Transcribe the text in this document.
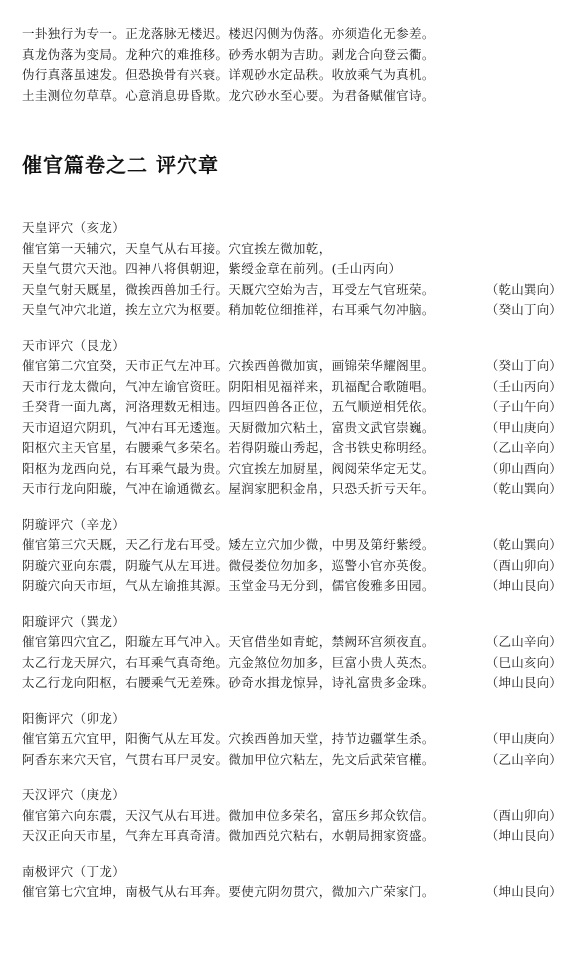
一卦独行为专一。正龙落脉无楼迟。楼迟闪侧为伪落。亦须造化无参差。
真龙伪落为变局。龙种穴的难推移。砂秀水朝为吉助。剥龙合向登云衢。
伪行真落虽速发。但恐换骨有兴衰。详观砂水定品秩。收放乘气为真机。
土圭测位勿草草。心意消息毋昏欺。龙穴砂水至心要。为君备赋催官诗。
催官篇卷之二 评穴章
天皇评穴（亥龙）
催官第一天辅穴，天皇气从右耳接。穴宜挨左微加乾，
天皇气贯穴天池。四神八将俱朝迎，紫绶金章在前列。(壬山丙向）
天皇气射天厩星，微挨西兽加壬行。天厩穴空始为吉，耳受左气官班荣。	（乾山巽向）
天皇气冲穴北道，挨左立穴为枢要。稍加乾位细推祥，右耳乘气勿冲脑。	（癸山丁向）
天市评穴（艮龙）
催官第二穴宜癸，天市正气左冲耳。穴挨西兽微加寅，画锦荣华耀阁里。	（癸山丁向）
天市行龙太微向，气冲左谕官资旺。阴阳相见福祥来，玑福配合歌随唱。	（壬山丙向）
壬癸背一面九离，河洛理数无相违。四垣四兽各正位，五气顺逆相凭依。	（子山午向）
天市迢迢穴阴玑，气冲右耳无逶迤。天厨微加穴粘土，富贵文武官崇巍。	（甲山庚向）
阳枢穴主天官星，右腰乘气多荣名。若得阴璇山秀起，含书铁史称明经。	（乙山辛向）
阳枢为龙西向兑，右耳乘气最为贵。穴宜挨左加厨星，阀阅荣华定无艾。	（卯山酉向）
天市行龙向阳璇，气冲在谕通微玄。屋润家肥积金帛，只恐夭折亏天年。	（乾山巽向）
阴璇评穴（辛龙）
催官第三穴天厩，天乙行龙右耳受。矮左立穴加少微，中男及第纡紫绶。	（乾山巽向）
阴璇穴亚向东震，阴璇气从左耳进。微侵娄位勿加多，巡警小官亦英俊。	（酉山卯向）
阴璇穴向天市垣，气从左谕推其源。玉堂金马无分到，儒官俊雅多田园。	（坤山艮向）
阳璇评穴（巽龙）
催官第四穴宜乙，阳璇左耳气冲入。天官借坐如青蛇，禁阙环宫须夜直。	（乙山辛向）
太乙行龙天屏穴，右耳乘气真奇绝。亢金煞位勿加多，巨富小贵人英杰。	（巳山亥向）
太乙行龙向阳枢，右腰乘气无差殊。砂奇水揖龙惊异，诗礼富贵多金珠。	（坤山艮向）
阳衡评穴（卯龙）
催官第五穴宜甲，阳衡气从左耳发。穴挨西兽加天堂，持节边疆掌生杀。	（甲山庚向）
阿香东来穴天官，气贯右耳尸灵安。微加甲位穴粘左，先文后武荣官權。	（乙山辛向）
天汉评穴（庚龙）
催官第六向东震，天汉气从右耳进。微加申位多荣名，富压乡邦众钦信。	（酉山卯向）
天汉正向天市星，气奔左耳真奇清。微加西兑穴粘右，水朝局拥家资盛。	（坤山艮向）
南极评穴（丁龙）
催官第七穴宜坤，南极气从右耳奔。要使亢阴勿贯穴，微加六广荣家门。	（坤山艮向）
